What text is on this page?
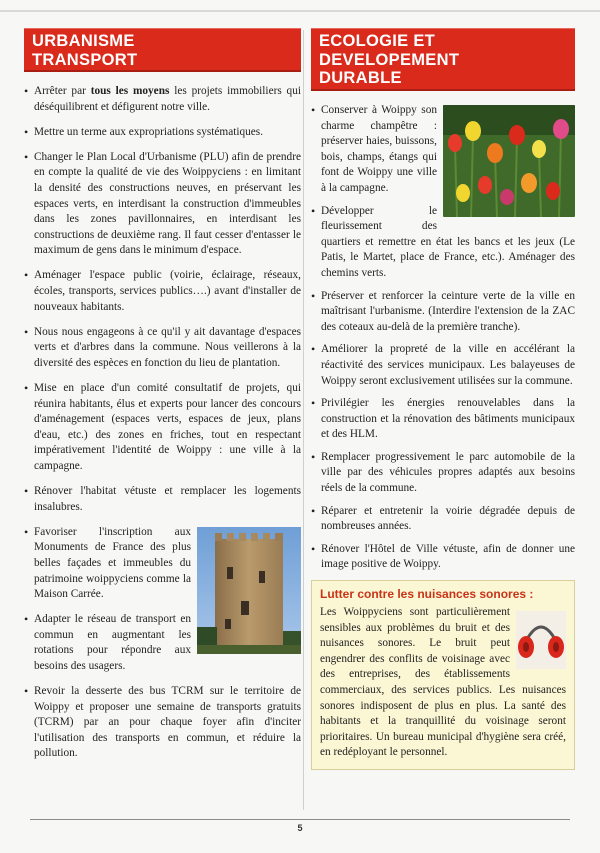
URBANISME
TRANSPORT
• Arrêter par tous les moyens les projets immobiliers qui déséquilibrent et défigurent notre ville.
• Mettre un terme aux expropriations systématiques.
• Changer le Plan Local d'Urbanisme (PLU) afin de prendre en compte la qualité de vie des Woippyciens : en limitant la densité des constructions neuves, en préservant les espaces verts, en interdisant la construction d'immeubles dans les zones pavillonnaires, en interdisant les constructions de deuxième rang. Il faut cesser d'entasser le maximum de gens dans le minimum d'espace.
• Aménager l'espace public (voirie, éclairage, réseaux, écoles, transports, services publics….) avant d'installer de nouveaux habitants.
• Nous nous engageons à ce qu'il y ait davantage d'espaces verts et d'arbres dans la commune. Nous veillerons à la diversité des espèces en fonction du lieu de plantation.
• Mise en place d'un comité consultatif de projets, qui réunira habitants, élus et experts pour lancer des concours d'aménagement (espaces verts, espaces de jeux, plans d'eau, etc.) des zones en friches, tout en respectant impérativement l'identité de Woippy : une ville à la campagne.
• Rénover l'habitat vétuste et remplacer les logements insalubres.
• Favoriser l'inscription aux Monuments de France des plus belles façades et immeubles du patrimoine woippyciens comme la Maison Carrée.
• Adapter le réseau de transport en commun en augmentant les rotations pour répondre aux besoins des usagers.
• Revoir la desserte des bus TCRM sur le territoire de Woippy et proposer une semaine de transports gratuits (TCRM) par an pour chaque foyer afin d'inciter l'utilisation des transports en commun, et réduire la pollution.
ECOLOGIE ET
DEVELOPEMENT
DURABLE
• Conserver à Woippy son charme champêtre : préserver haies, buissons, bois, champs, étangs qui font de Woippy une ville à la campagne.
• Développer le fleurissement des quartiers et remettre en état les bancs et les jeux (Le Patis, le Martet, place de France, etc.). Aménager des chemins verts.
• Préserver et renforcer la ceinture verte de la ville en maîtrisant l'urbanisme. (Interdire l'extension de la ZAC des coteaux au-delà de la première tranche).
• Améliorer la propreté de la ville en accélérant la réactivité des services municipaux. Les balayeuses de Woippy seront exclusivement utilisées sur la commune.
• Privilégier les énergies renouvelables dans la construction et la rénovation des bâtiments municipaux et des HLM.
• Remplacer progressivement le parc automobile de la ville par des véhicules propres adaptés aux besoins réels de la commune.
• Réparer et entretenir la voirie dégradée depuis de nombreuses années.
• Rénover l'Hôtel de Ville vétuste, afin de donner une image positive de Woippy.
Lutter contre les nuisances sonores :
Les Woippyciens sont particulièrement sensibles aux problèmes du bruit et des nuisances sonores. Le bruit peut engendrer des conflits de voisinage avec des entreprises, des établissements commerciaux, des services publics. Les nuisances sonores indisposent de plus en plus. La santé des habitants et la tranquillité du voisinage seront prioritaires. Un bureau municipal d'hygiène sera créé, en redéployant le personnel.
5
